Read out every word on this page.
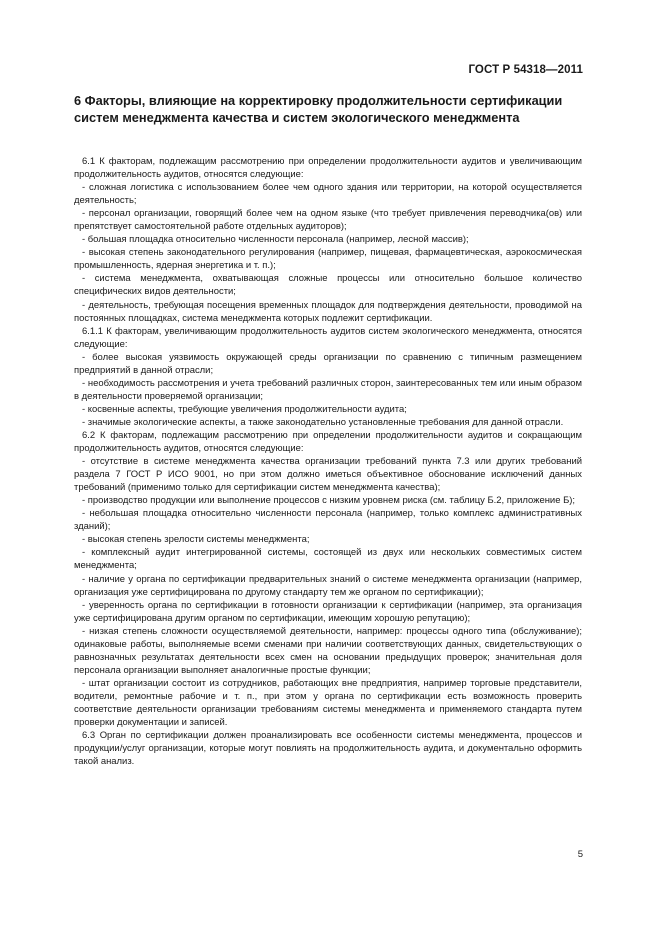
ГОСТ Р 54318—2011
6 Факторы, влияющие на корректировку продолжительности сертификации систем менеджмента качества и систем экологического менеджмента

6.1 К факторам, подлежащим рассмотрению при определении продолжительности аудитов и увеличивающим продолжительность аудитов, относятся следующие:

- сложная логистика с использованием более чем одного здания или территории, на которой осуществляется деятельность;

- персонал организации, говорящий более чем на одном языке (что требует привлечения переводчика(ов) или препятствует самостоятельной работе отдельных аудиторов);

- большая площадка относительно численности персонала (например, лесной массив);

- высокая степень законодательного регулирования (например, пищевая, фармацевтическая, аэрокосмическая промышленность, ядерная энергетика и т. п.);

- система менеджмента, охватывающая сложные процессы или относительно большое количество специфических видов деятельности;

- деятельность, требующая посещения временных площадок для подтверждения деятельности, проводимой на постоянных площадках, система менеджмента которых подлежит сертификации.

6.1.1 К факторам, увеличивающим продолжительность аудитов систем экологического менеджмента, относятся следующие:

- более высокая уязвимость окружающей среды организации по сравнению с типичным размещением предприятий в данной отрасли;

- необходимость рассмотрения и учета требований различных сторон, заинтересованных тем или иным образом в деятельности проверяемой организации;

- косвенные аспекты, требующие увеличения продолжительности аудита;

- значимые экологические аспекты, а также законодательно установленные требования для данной отрасли.

6.2 К факторам, подлежащим рассмотрению при определении продолжительности аудитов и сокращающим продолжительность аудитов, относятся следующие:

- отсутствие в системе менеджмента качества организации требований пункта 7.3 или других требований раздела 7 ГОСТ Р ИСО 9001, но при этом должно иметься объективное обоснование исключений данных требований (применимо только для сертификации систем менеджмента качества);

- производство продукции или выполнение процессов с низким уровнем риска (см. таблицу Б.2, приложение Б);

- небольшая площадка относительно численности персонала (например, только комплекс административных зданий);

- высокая степень зрелости системы менеджмента;

- комплексный аудит интегрированной системы, состоящей из двух или нескольких совместимых систем менеджмента;

- наличие у органа по сертификации предварительных знаний о системе менеджмента организации (например, организация уже сертифицирована по другому стандарту тем же органом по сертификации);

- уверенность органа по сертификации в готовности организации к сертификации (например, эта организация уже сертифицирована другим органом по сертификации, имеющим хорошую репутацию);

- низкая степень сложности осуществляемой деятельности, например: процессы одного типа (обслуживание); одинаковые работы, выполняемые всеми сменами при наличии соответствующих данных, свидетельствующих о равнозначных результатах деятельности всех смен на основании предыдущих проверок; значительная доля персонала организации выполняет аналогичные простые функции;

- штат организации состоит из сотрудников, работающих вне предприятия, например торговые представители, водители, ремонтные рабочие и т. п., при этом у органа по сертификации есть возможность проверить соответствие деятельности организации требованиям системы менеджмента и применяемого стандарта путем проверки документации и записей.

6.3 Орган по сертификации должен проанализировать все особенности системы менеджмента, процессов и продукции/услуг организации, которые могут повлиять на продолжительность аудита, и документально оформить такой анализ.

5
